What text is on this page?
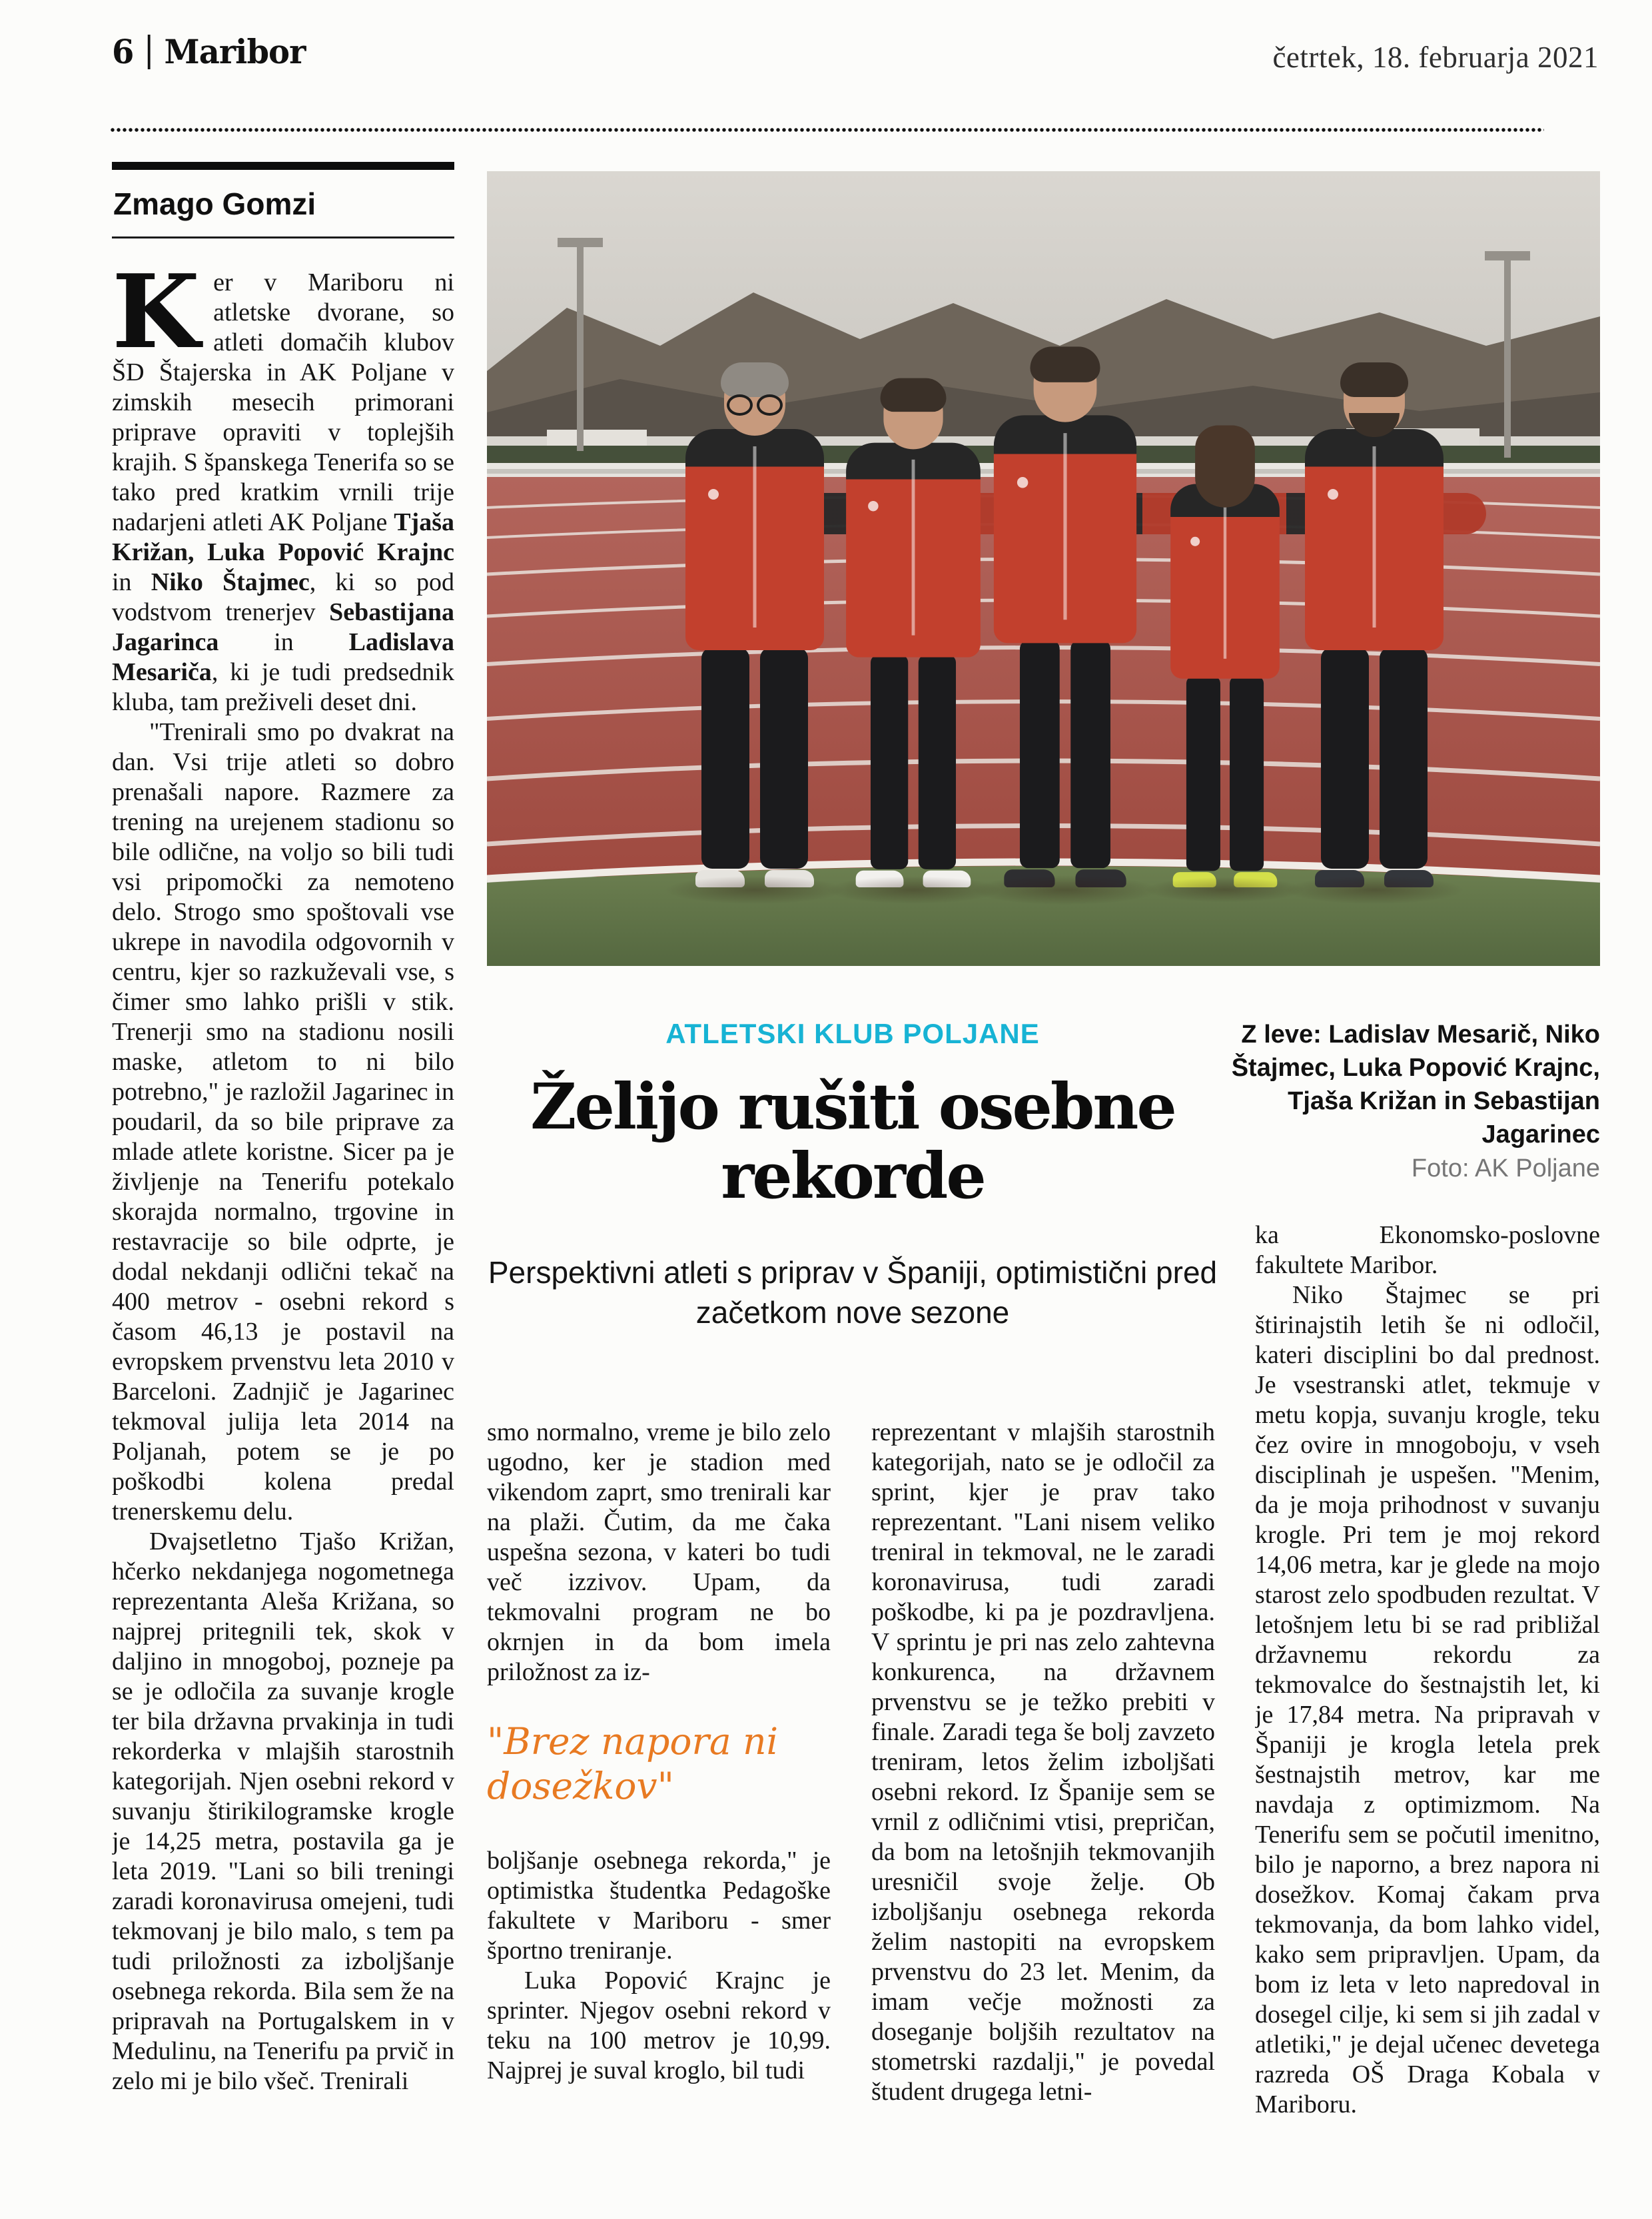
6 Maribor	četrtek, 18. februarja 2021
Zmago Gomzi

Ker v Mariboru ni atletske dvorane, so atleti domačih klubov ŠD Štajerska in AK Poljane v zimskih mesecih primorani priprave opraviti v toplejših krajih. S španskega Tenerifa so se tako pred kratkim vrnili trije nadarjeni atleti AK Poljane Tjaša Križan, Luka Popović Krajnc in Niko Štajmec, ki so pod vodstvom trenerjev Sebastijana Jagarinca in Ladislava Mesariča, ki je tudi predsednik kluba, tam preživeli deset dni.

"Trenirali smo po dvakrat na dan. Vsi trije atleti so dobro prenašali napore. Razmere za trening na urejenem stadionu so bile odlične, na voljo so bili tudi vsi pripomočki za nemoteno delo. Strogo smo spoštovali vse ukrepe in navodila odgovornih v centru, kjer so razkuževali vse, s čimer smo lahko prišli v stik. Trenerji smo na stadionu nosili maske, atletom to ni bilo potrebno," je razložil Jagarinec in poudaril, da so bile priprave za mlade atlete koristne. Sicer pa je življenje na Tenerifu potekalo skorajda normalno, trgovine in restavracije so bile odprte, je dodal nekdanji odlični tekač na 400 metrov - osebni rekord s časom 46,13 je postavil na evropskem prvenstvu leta 2010 v Barceloni. Zadnjič je Jagarinec tekmoval julija leta 2014 na Poljanah, potem se je po poškodbi kolena predal trenerskemu delu.

Dvajsetletno Tjašo Križan, hčerko nekdanjega nogometnega reprezentanta Aleša Križana, so najprej pritegnili tek, skok v daljino in mnogoboj, pozneje pa se je odločila za suvanje krogle ter bila državna prvakinja in tudi rekorderka v mlajših starostnih kategorijah. Njen osebni rekord v suvanju štirikilogramske krogle je 14,25 metra, postavila ga je leta 2019. "Lani so bili treningi zaradi koronavirusa omejeni, tudi tekmovanj je bilo malo, s tem pa tudi priložnosti za izboljšanje osebnega rekorda. Bila sem že na pripravah na Portugalskem in v Medulinu, na Tenerifu pa prvič in zelo mi je bilo všeč. Trenirali

Z leve: Ladislav Mesarič, Niko Štajmec, Luka Popović Krajnc, Tjaša Križan in Sebastijan Jagarinec
Foto: AK Poljane
ATLETSKI KLUB POLJANE
Želijo rušiti osebne rekorde
Perspektivni atleti s priprav v Španiji, optimistični pred začetkom nove sezone

smo normalno, vreme je bilo zelo ugodno, ker je stadion med vikendom zaprt, smo trenirali kar na plaži. Čutim, da me čaka uspešna sezona, v kateri bo tudi več izzivov. Upam, da tekmovalni program ne bo okrnjen in da bom imela priložnost za iz-

"Brez napora ni dosežkov"

boljšanje osebnega rekorda," je optimistka študentka Pedagoške fakultete v Mariboru - smer športno treniranje.

Luka Popović Krajnc je sprinter. Njegov osebni rekord v teku na 100 metrov je 10,99. Najprej je suval kroglo, bil tudi

reprezentant v mlajših starostnih kategorijah, nato se je odločil za sprint, kjer je prav tako reprezentant. "Lani nisem veliko treniral in tekmoval, ne le zaradi koronavirusa, tudi zaradi poškodbe, ki pa je pozdravljena. V sprintu je pri nas zelo zahtevna konkurenca, na državnem prvenstvu se je težko prebiti v finale. Zaradi tega še bolj zavzeto treniram, letos želim izboljšati osebni rekord. Iz Španije sem se vrnil z odličnimi vtisi, prepričan, da bom na letošnjih tekmovanjih uresničil svoje želje. Ob izboljšanju osebnega rekorda želim nastopiti na evropskem prvenstvu do 23 let. Menim, da imam večje možnosti za doseganje boljših rezultatov na stometrski razdalji," je povedal študent drugega letni-

ka Ekonomsko-poslovne fakultete Maribor.

Niko Štajmec se pri štirinajstih letih še ni odločil, kateri disciplini bo dal prednost. Je vsestranski atlet, tekmuje v metu kopja, suvanju krogle, teku čez ovire in mnogoboju, v vseh disciplinah je uspešen. "Menim, da je moja prihodnost v suvanju krogle. Pri tem je moj rekord 14,06 metra, kar je glede na mojo starost zelo spodbuden rezultat. V letošnjem letu bi se rad približal državnemu rekordu za tekmovalce do šestnajstih let, ki je 17,84 metra. Na pripravah v Španiji je krogla letela prek šestnajstih metrov, kar me navdaja z optimizmom. Na Tenerifu sem se počutil imenitno, bilo je naporno, a brez napora ni dosežkov. Komaj čakam prva tekmovanja, da bom lahko videl, kako sem pripravljen. Upam, da bom iz leta v leto napredoval in dosegel cilje, ki sem si jih zadal v atletiki," je dejal učenec devetega razreda OŠ Draga Kobala v Mariboru.
